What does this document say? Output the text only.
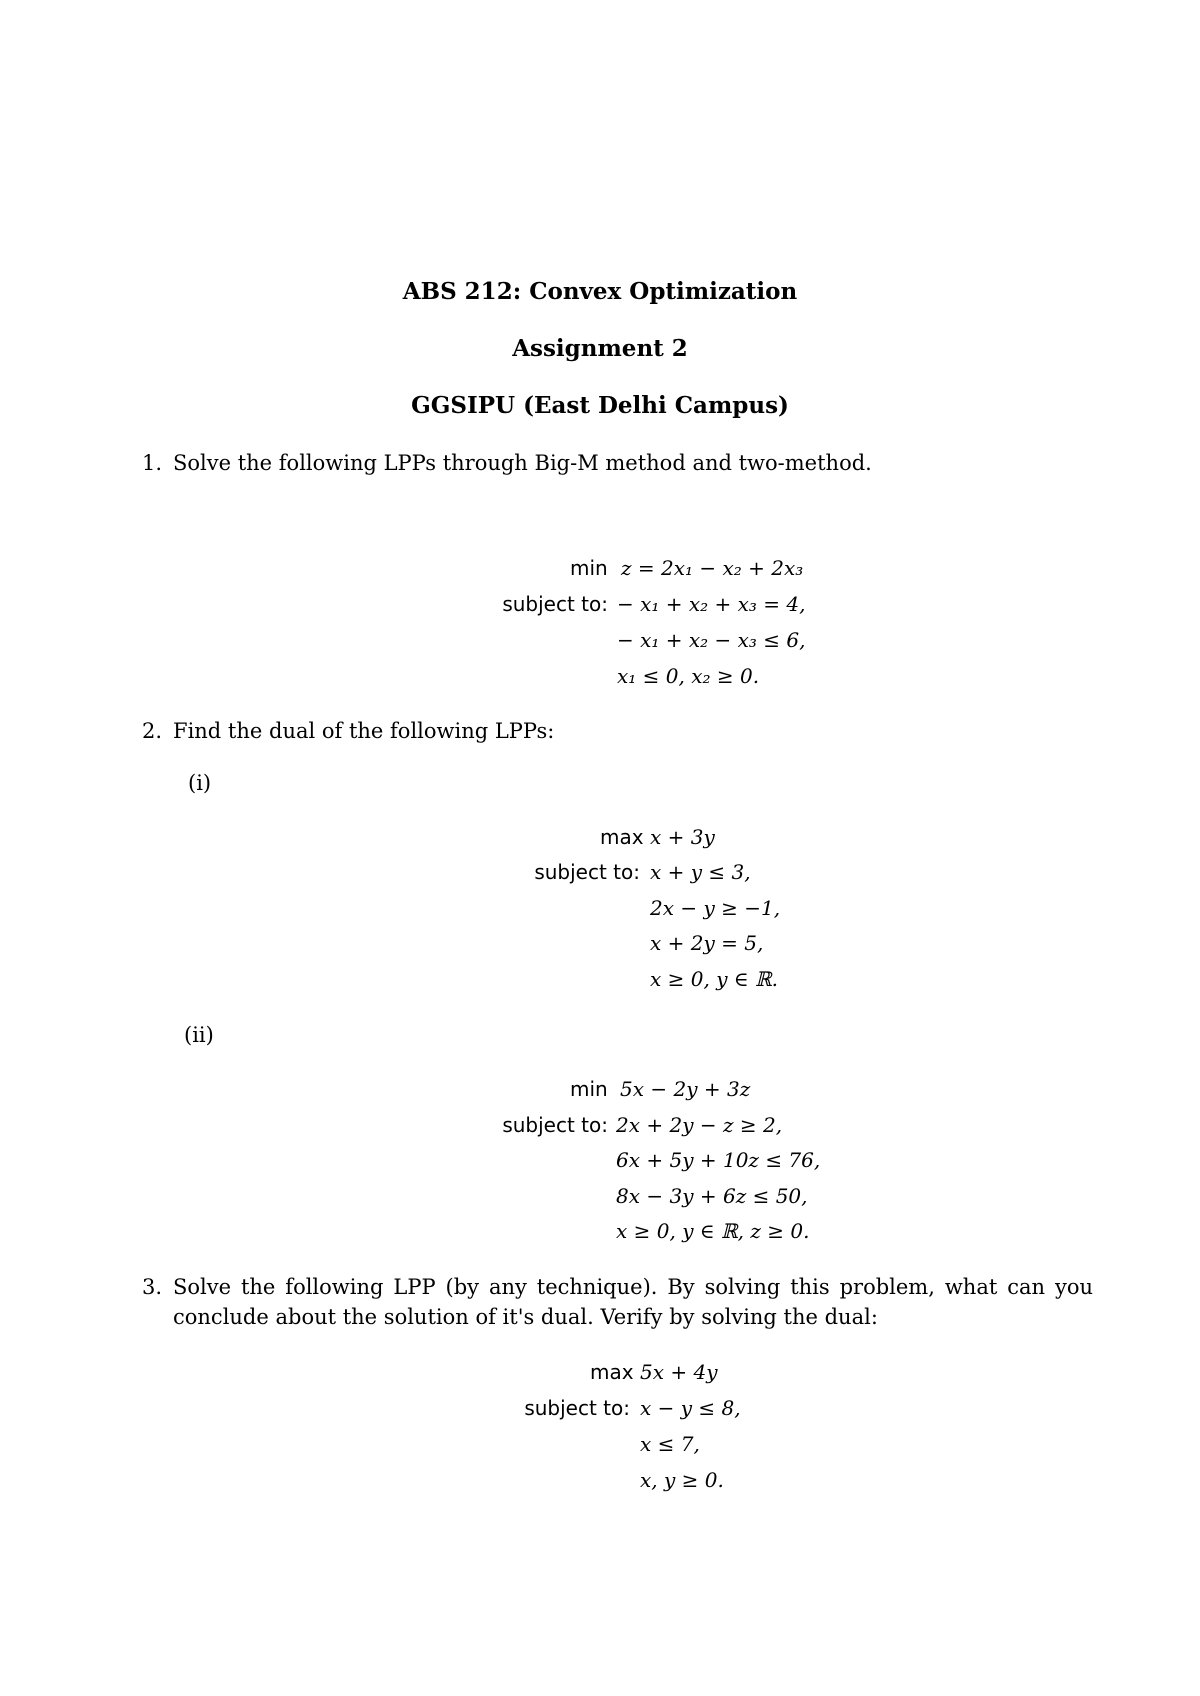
ABS 212: Convex Optimization
Assignment 2
GGSIPU (East Delhi Campus)
1. Solve the following LPPs through Big-M method and two-method.
min z = 2x₁ − x₂ + 2x₃
subject to: − x₁ + x₂ + x₃ = 4,
− x₁ + x₂ − x₃ ≤ 6,
x₁ ≤ 0, x₂ ≥ 0.
2. Find the dual of the following LPPs:
(i)
max x + 3y
subject to: x + y ≤ 3,
2x − y ≥ −1,
x + 2y = 5,
x ≥ 0, y ∈ ℝ.
(ii)
min 5x − 2y + 3z
subject to: 2x + 2y − z ≥ 2,
6x + 5y + 10z ≤ 76,
8x − 3y + 6z ≤ 50,
x ≥ 0, y ∈ ℝ, z ≥ 0.
3. Solve the following LPP (by any technique). By solving this problem, what can you conclude about the solution of it's dual. Verify by solving the dual:
max 5x + 4y
subject to: x − y ≤ 8,
x ≤ 7,
x, y ≥ 0.
